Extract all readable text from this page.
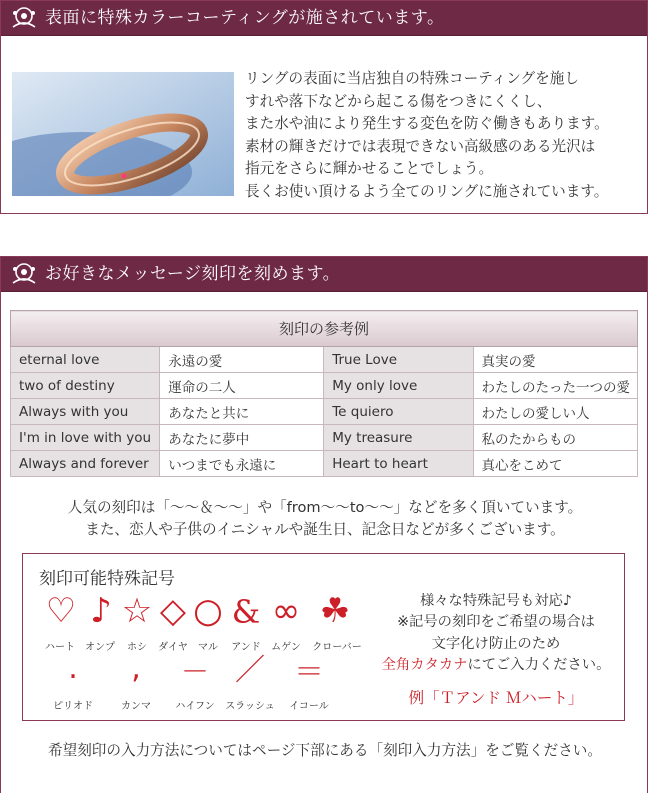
表面に特殊カラーコーティングが施されています。
リングの表面に当店独自の特殊コーティングを施し
すれや落下などから起こる傷をつきにくくし、
また水や油により発生する変色を防ぐ働きもあります。
素材の輝きだけでは表現できない高級感のある光沢は
指元をさらに輝かせることでしょう。
長くお使い頂けるよう全てのリングに施されています。
お好きなメッセージ刻印を刻めます。
刻印の参考例			
eternal love	永遠の愛	True Love	真実の愛
two of destiny	運命の二人	My only love	わたしのたった一つの愛
Always with you	あなたと共に	Te quiero	わたしの愛しい人
I'm in love with you	あなたに夢中	My treasure	私のたからもの
Always and forever	いつまでも永遠に	Heart to heart	真心をこめて
人気の刻印は「～～＆～～」や「from～～to～～」などを多く頂いています。
また、恋人や子供のイニシャルや誕生日、記念日などが多くございます。
刻印可能特殊記号
♡ ♪ ☆ ◇ ○ & ∞ ☘
ハート	オンプ	ホシ	ダイヤ	マル	アンド	ムゲン	クローバー
.	,	－ ／ ＝
ピリオド	カンマ	ハイフン	スラッシュ	イコール
様々な特殊記号も対応♪
※記号の刻印をご希望の場合は
文字化け防止のため
全角カタカナにてご入力ください。
例「Ｔアンド Ｍハート」
希望刻印の入力方法についてはページ下部にある「刻印入力方法」をご覧ください。
